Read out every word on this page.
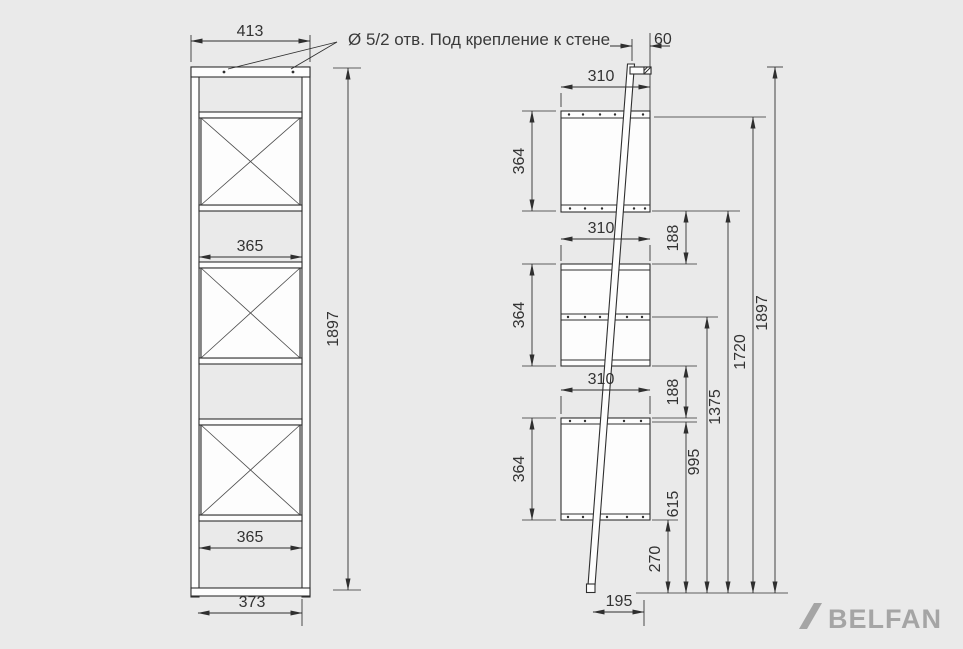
413
365
365
373
1897
60
310
310
310
364
364
364
195
188
188
270
615
995
1375
1720
1897
Ø 5/2 отв. Под крепление к стене
BELFAN
